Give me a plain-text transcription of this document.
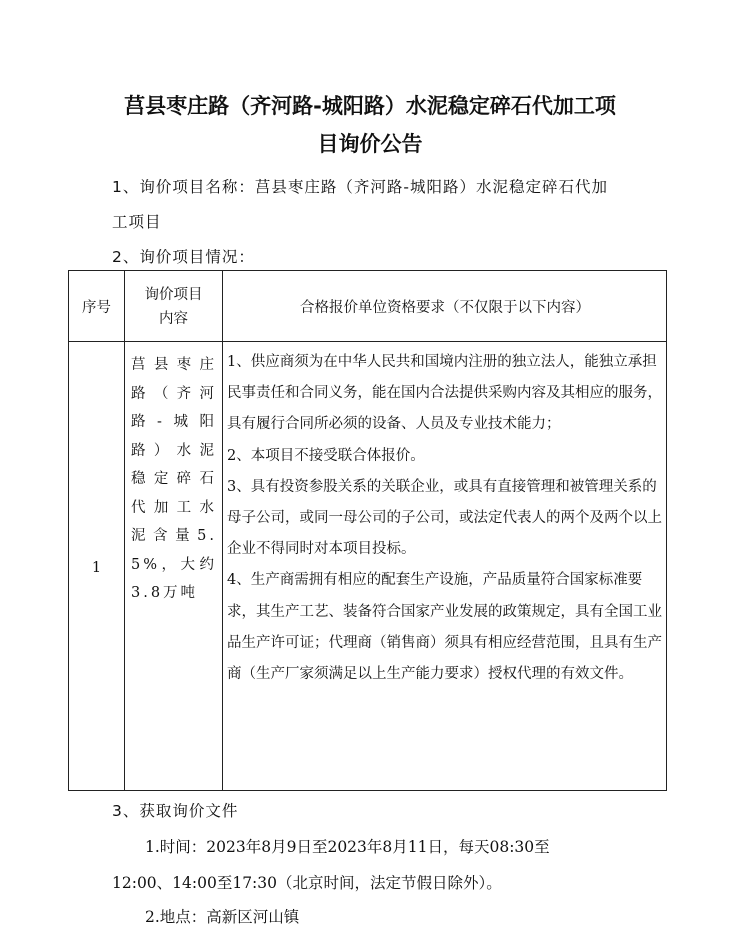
莒县枣庄路（齐河路-城阳路）水泥稳定碎石代加工项
目询价公告
1、询价项目名称：莒县枣庄路（齐河路-城阳路）水泥稳定碎石代加
工项目
2、询价项目情况：
序号
询价项目
内容
合格报价单位资格要求（不仅限于以下内容）
1
莒县枣庄路（齐河路-城阳路）水泥稳定碎石代加工水泥含量5.5%，大约3.8万吨

1、供应商须为在中华人民共和国境内注册的独立法人，能独立承担民事责任和合同义务，能在国内合法提供采购内容及其相应的服务，具有履行合同所必须的设备、人员及专业技术能力；

2、本项目不接受联合体报价。

3、具有投资参股关系的关联企业，或具有直接管理和被管理关系的母子公司，或同一母公司的子公司，或法定代表人的两个及两个以上企业不得同时对本项目投标。

4、生产商需拥有相应的配套生产设施，产品质量符合国家标准要求，其生产工艺、装备符合国家产业发展的政策规定，具有全国工业品生产许可证；代理商（销售商）须具有相应经营范围，且具有生产商（生产厂家须满足以上生产能力要求）授权代理的有效文件。

3、获取询价文件
1.时间：2023年8月9日至2023年8月11日，每天08:30至
12:00、14:00至17:30（北京时间，法定节假日除外）。
2.地点：高新区河山镇
